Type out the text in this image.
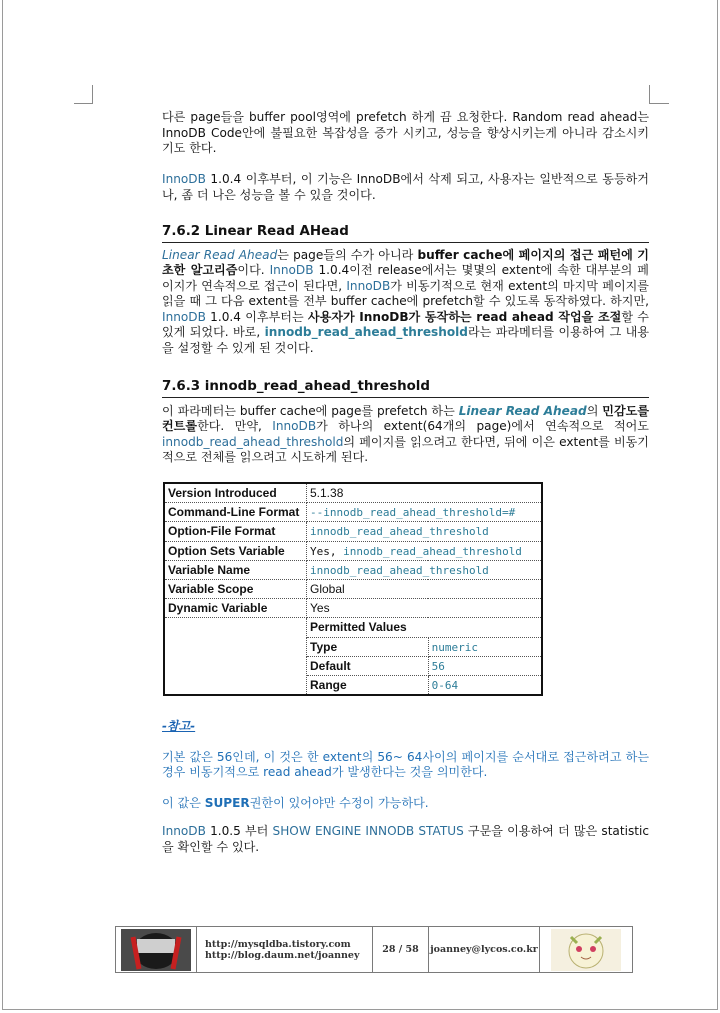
다른 page들을 buffer pool영역에 prefetch 하게 끔 요청한다. Random read ahead는 InnoDB Code안에 불필요한 복잡성을 증가 시키고, 성능을 향상시키는게 아니라 감소시키기도 한다.

InnoDB 1.0.4 이후부터, 이 기능은 InnoDB에서 삭제 되고, 사용자는 일반적으로 동등하거나, 좀 더 나은 성능을 볼 수 있을 것이다.

7.6.2 Linear Read AHead

Linear Read Ahead는 page들의 수가 아니라 buffer cache에 페이지의 접근 패턴에 기초한 알고리즘이다. InnoDB 1.0.4이전 release에서는 몇몇의 extent에 속한 대부분의 페이지가 연속적으로 접근이 된다면, InnoDB가 비동기적으로 현재 extent의 마지막 페이지를 읽을 때 그 다음 extent를 전부 buffer cache에 prefetch할 수 있도록 동작하였다. 하지만, InnoDB 1.0.4 이후부터는 사용자가 InnoDB가 동작하는 read ahead 작업을 조절할 수 있게 되었다. 바로, innodb_read_ahead_threshold라는 파라메터를 이용하여 그 내용을 설정할 수 있게 된 것이다.

7.6.3 innodb_read_ahead_threshold

이 파라메터는 buffer cache에 page를 prefetch 하는 Linear Read Ahead의 민감도를 컨트롤한다. 만약, InnoDB가 하나의 extent(64개의 page)에서 연속적으로 적어도 innodb_read_ahead_threshold의 페이지를 읽으려고 한다면, 뒤에 이은 extent를 비동기적으로 전체를 읽으려고 시도하게 된다.

Version Introduced	5.1.38	
Command-Line Format	--innodb_read_ahead_threshold=#	
Option-File Format	innodb_read_ahead_threshold	
Option Sets Variable	Yes, innodb_read_ahead_threshold	
Variable Name	innodb_read_ahead_threshold	
Variable Scope	Global	
Dynamic Variable	Yes	
	Permitted Values	
	Type	numeric
	Default	56
	Range	0-64

-참고-

기본 값은 56인데, 이 것은 한 extent의 56~ 64사이의 페이지를 순서대로 접근하려고 하는 경우 비동기적으로 read ahead가 발생한다는 것을 의미한다.

이 값은 SUPER권한이 있어야만 수정이 가능하다.

InnoDB 1.0.5 부터 SHOW ENGINE INNODB STATUS 구문을 이용하여 더 많은 statistic을 확인할 수 있다.

http://mysqldba.tistory.com
http://blog.daum.net/joanney	28 / 58	joanney@lycos.co.kr
